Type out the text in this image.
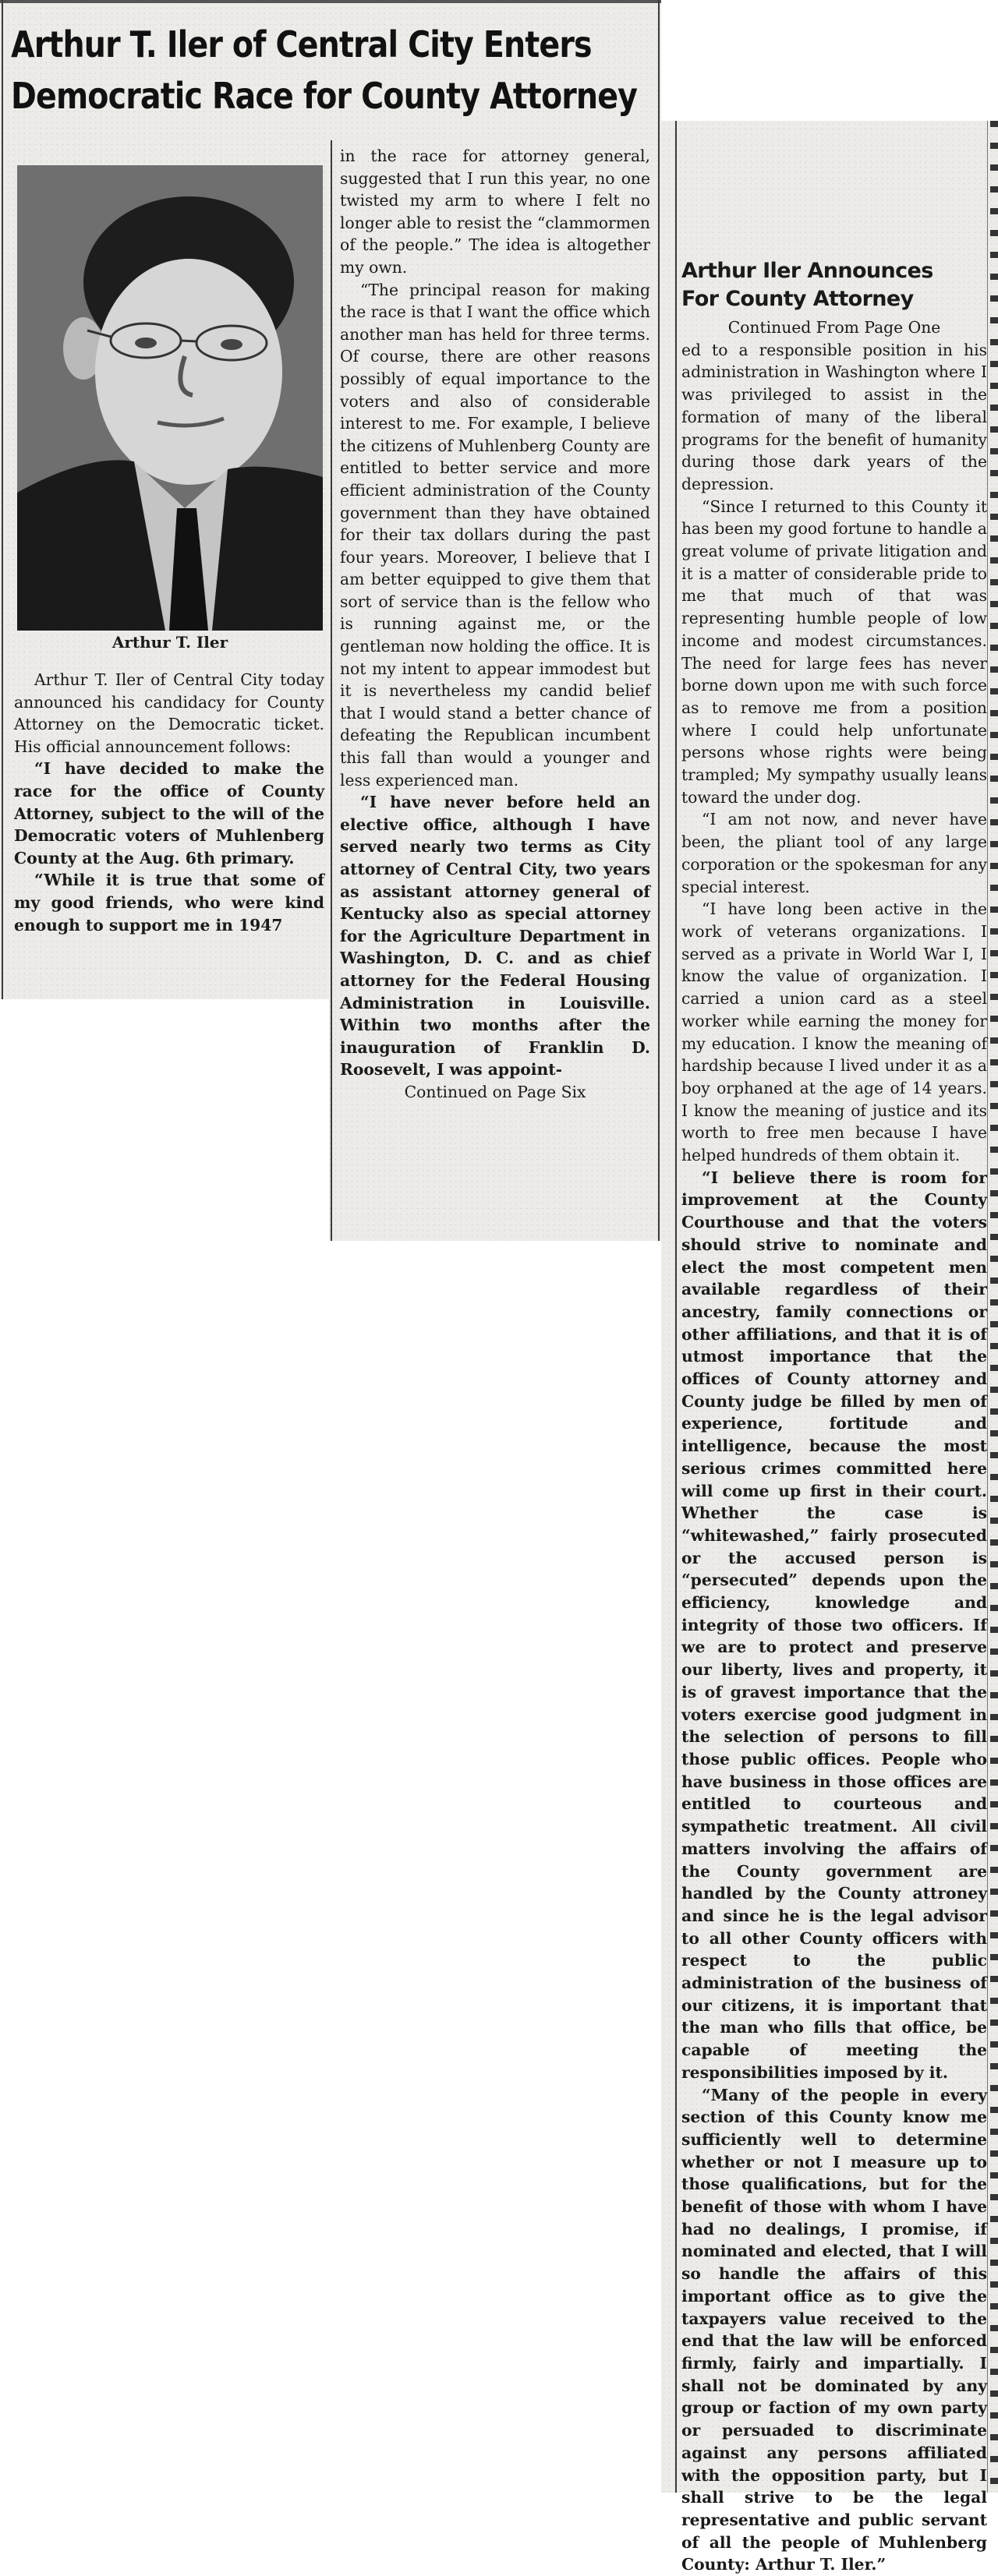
Arthur T. Iler of Central City Enters
Democratic Race for County Attorney
Arthur T. Iler

Arthur T. Iler of Central City today announced his candidacy for County Attorney on the Democratic ticket. His official announcement follows:

“I have decided to make the race for the office of County Attorney, subject to the will of the Democratic voters of Muhlenberg County at the Aug. 6th primary.

“While it is true that some of my good friends, who were kind enough to support me in 1947

in the race for attorney general, suggested that I run this year, no one twisted my arm to where I felt no longer able to resist the “clammormen of the people.” The idea is altogether my own.

“The principal reason for making the race is that I want the office which another man has held for three terms. Of course, there are other reasons possibly of equal importance to the voters and also of considerable interest to me. For example, I believe the citizens of Muhlenberg County are entitled to better service and more efficient administration of the County government than they have obtained for their tax dollars during the past four years. Moreover, I believe that I am better equipped to give them that sort of service than is the fellow who is running against me, or the gentleman now holding the office. It is not my intent to appear immodest but it is nevertheless my candid belief that I would stand a better chance of defeating the Republican incumbent this fall than would a younger and less experienced man.

“I have never before held an elective office, although I have served nearly two terms as City attorney of Central City, two years as assistant attorney general of Kentucky also as special attorney for the Agriculture Department in Washington, D. C. and as chief attorney for the Federal Housing Administration in Louisville. Within two months after the inauguration of Franklin D. Roosevelt, I was appoint-

Continued on Page Six

Arthur Iler Announces
For County Attorney

Continued From Page One

ed to a responsible position in his administration in Washington where I was privileged to assist in the formation of many of the liberal programs for the benefit of humanity during those dark years of the depression.

“Since I returned to this County it has been my good fortune to handle a great volume of private litigation and it is a matter of considerable pride to me that much of that was representing humble people of low income and modest circumstances. The need for large fees has never borne down upon me with such force as to remove me from a position where I could help unfortunate persons whose rights were being trampled; My sympathy usually leans toward the under dog.

“I am not now, and never have been, the pliant tool of any large corporation or the spokesman for any special interest.

“I have long been active in the work of veterans organizations. I served as a private in World War I, I know the value of organization. I carried a union card as a steel worker while earning the money for my education. I know the meaning of hardship because I lived under it as a boy orphaned at the age of 14 years. I know the meaning of justice and its worth to free men because I have helped hundreds of them obtain it.

“I believe there is room for improvement at the County Courthouse and that the voters should strive to nominate and elect the most competent men available regardless of their ancestry, family connections or other affiliations, and that it is of utmost importance that the offices of County attorney and County judge be filled by men of experience, fortitude and intelligence, because the most serious crimes committed here will come up first in their court. Whether the case is “whitewashed,” fairly prosecuted or the accused person is “persecuted” depends upon the efficiency, knowledge and integrity of those two officers. If we are to protect and preserve our liberty, lives and property, it is of gravest importance that the voters exercise good judgment in the selection of persons to fill those public offices. People who have business in those offices are entitled to courteous and sympathetic treatment. All civil matters involving the affairs of the County government are handled by the County attroney and since he is the legal advisor to all other County officers with respect to the public administration of the business of our citizens, it is important that the man who fills that office, be capable of meeting the responsibilities imposed by it.

“Many of the people in every section of this County know me sufficiently well to determine whether or not I measure up to those qualifications, but for the benefit of those with whom I have had no dealings, I promise, if nominated and elected, that I will so handle the affairs of this important office as to give the taxpayers value received to the end that the law will be enforced firmly, fairly and impartially. I shall not be dominated by any group or faction of my own party or persuaded to discriminate against any persons affiliated with the opposition party, but I shall strive to be the legal representative and public servant of all the people of Muhlenberg County: Arthur T. Iler.”
